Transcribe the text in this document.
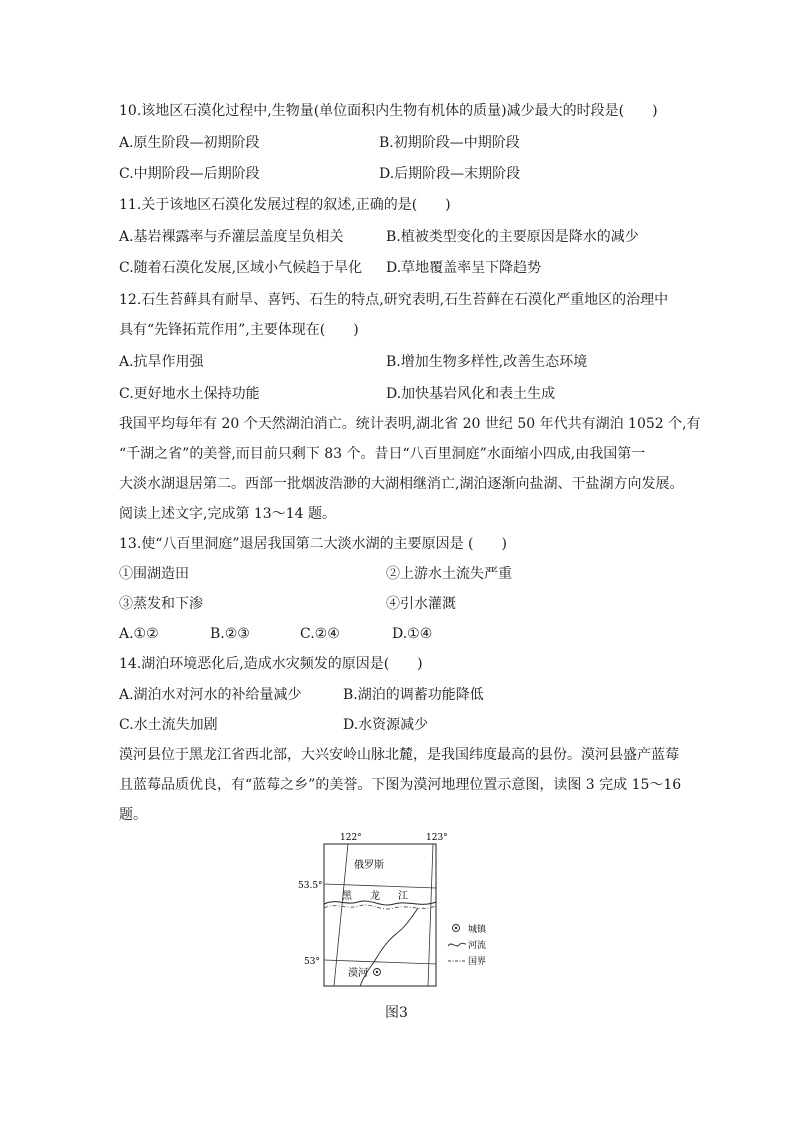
10.该地区石漠化过程中,生物量(单位面积内生物有机体的质量)减少最大的时段是(　　)
A.原生阶段—初期阶段	B.初期阶段—中期阶段
C.中期阶段—后期阶段	D.后期阶段—末期阶段
11.关于该地区石漠化发展过程的叙述,正确的是(　　)
A.基岩裸露率与乔灌层盖度呈负相关	B.植被类型变化的主要原因是降水的减少
C.随着石漠化发展,区域小气候趋于旱化 D.草地覆盖率呈下降趋势
12.石生苔藓具有耐旱、喜钙、石生的特点,研究表明,石生苔藓在石漠化严重地区的治理中
具有“先锋拓荒作用”,主要体现在(　　)
A.抗旱作用强	B.增加生物多样性,改善生态环境
C.更好地水土保持功能	D.加快基岩风化和表土生成
我国平均每年有 20 个天然湖泊消亡。统计表明,湖北省 20 世纪 50 年代共有湖泊 1052 个,有
“千湖之省”的美誉,而目前只剩下 83 个。昔日“八百里洞庭”水面缩小四成,由我国第一
大淡水湖退居第二。西部一批烟波浩渺的大湖相继消亡,湖泊逐渐向盐湖、干盐湖方向发展。
阅读上述文字,完成第 13～14 题。
13.使“八百里洞庭”退居我国第二大淡水湖的主要原因是 (　　)
①围湖造田	②上游水土流失严重
③蒸发和下渗	④引水灌溉
A.①②	B.②③	C.②④	D.①④
14.湖泊环境恶化后,造成水灾频发的原因是(　　)
A.湖泊水对河水的补给量减少	B.湖泊的调蓄功能降低
C.水土流失加剧	D.水资源减少
漠河县位于黑龙江省西北部，大兴安岭山脉北麓，是我国纬度最高的县份。漠河县盛产蓝莓
且蓝莓品质优良，有“蓝莓之乡”的美誉。下图为漠河地理位置示意图，读图 3 完成 15～16
题。
122°	123°
53.5°
53°
俄罗斯
黑 龙 江
漠河
城镇
河流
国界
图3
